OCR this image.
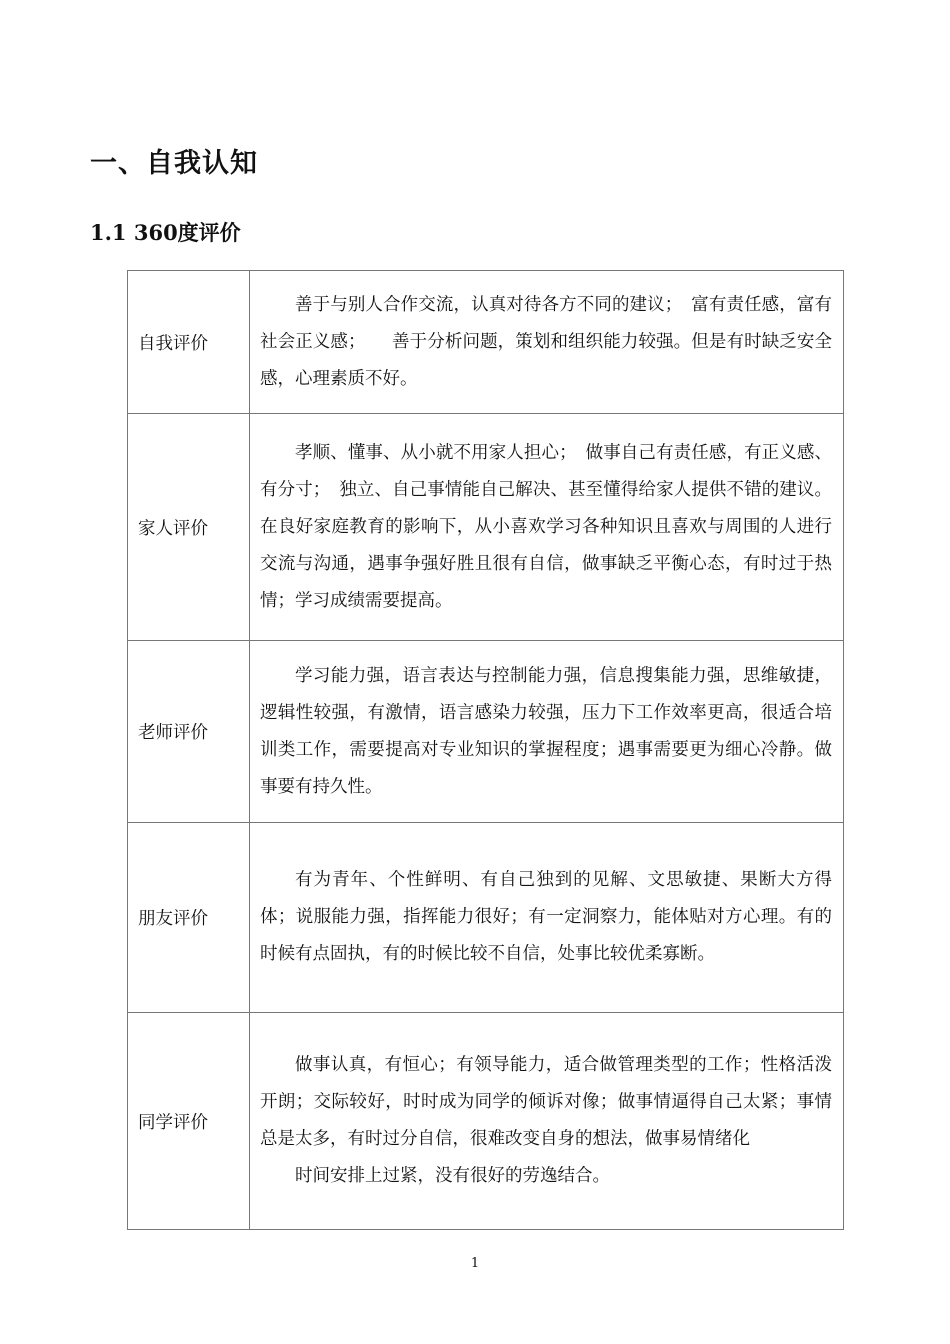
一、自我认知
1.1 360度评价
自我评价	善于与别人合作交流，认真对待各方不同的建议；　富有责任感，富有社会正义感；　　善于分析问题，策划和组织能力较强。但是有时缺乏安全感，心理素质不好。

家人评价	孝顺、懂事、从小就不用家人担心；　做事自己有责任感，有正义感、有分寸；　独立、自己事情能自己解决、甚至懂得给家人提供不错的建议。在良好家庭教育的影响下，从小喜欢学习各种知识且喜欢与周围的人进行交流与沟通，遇事争强好胜且很有自信，做事缺乏平衡心态，有时过于热情；学习成绩需要提高。

老师评价	学习能力强，语言表达与控制能力强，信息搜集能力强，思维敏捷，逻辑性较强，有激情，语言感染力较强，压力下工作效率更高，很适合培训类工作，需要提高对专业知识的掌握程度；遇事需要更为细心冷静。做事要有持久性。

朋友评价	有为青年、个性鲜明、有自己独到的见解、文思敏捷、果断大方得体；说服能力强，指挥能力很好；有一定洞察力，能体贴对方心理。有的时候有点固执，有的时候比较不自信，处事比较优柔寡断。

同学评价	做事认真，有恒心；有领导能力，适合做管理类型的工作；性格活泼开朗；交际较好，时时成为同学的倾诉对像；做事情逼得自己太紧；事情总是太多，有时过分自信，很难改变自身的想法，做事易情绪化

时间安排上过紧，没有很好的劳逸结合。

1
